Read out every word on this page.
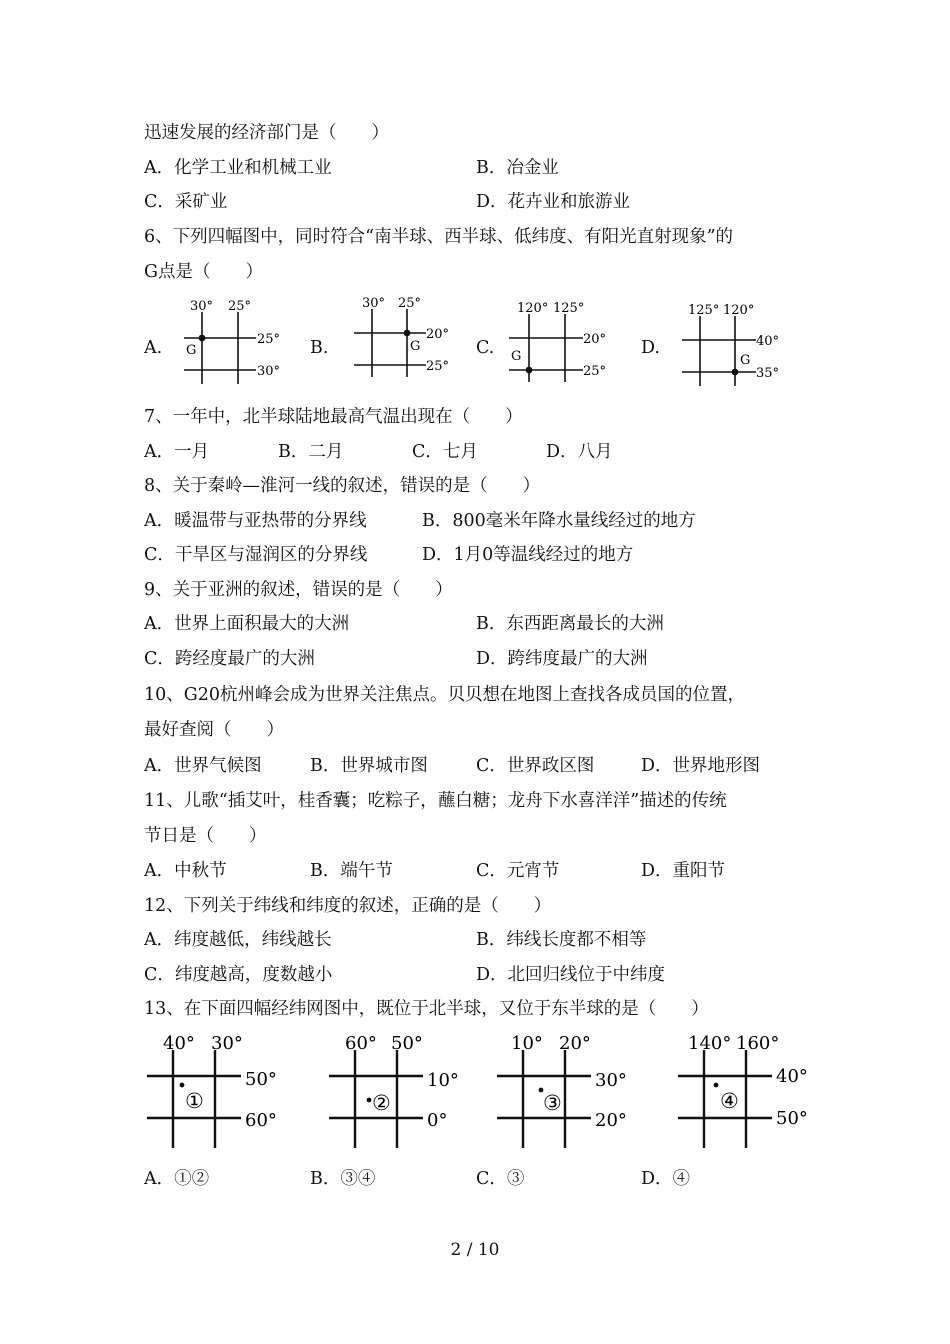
迅速发展的经济部门是（　　）
A．化学工业和机械工业	B．冶金业
C．采矿业	D．花卉业和旅游业
6、下列四幅图中，同时符合“南半球、西半球、低纬度、有阳光直射现象”的
G点是（　　）
A.
30° 25°
25°
30°
G	B.
30° 25°
20°
25°
G	C.
120° 125°
20°
25°
G	D.
125° 120°
40°
35°
G
7、一年中，北半球陆地最高气温出现在（　　）
A．一月	B．二月	C．七月	D．八月
8、关于秦岭—淮河一线的叙述，错误的是（　　）
A．暖温带与亚热带的分界线	B．800毫米年降水量线经过的地方
C．干旱区与湿润区的分界线	D．1月0等温线经过的地方
9、关于亚洲的叙述，错误的是（　　）
A．世界上面积最大的大洲	B．东西距离最长的大洲
C．跨经度最广的大洲	D．跨纬度最广的大洲
10、G20杭州峰会成为世界关注焦点。贝贝想在地图上查找各成员国的位置，
最好查阅（　　）
A．世界气候图	B．世界城市图	C．世界政区图	D．世界地形图
11、儿歌“插艾叶，桂香囊；吃粽子，蘸白糖；龙舟下水喜洋洋”描述的传统
节日是（　　）
A．中秋节	B．端午节	C．元宵节	D．重阳节
12、下列关于纬线和纬度的叙述，正确的是（　　）
A．纬度越低，纬线越长	B．纬线长度都不相等
C．纬度越高，度数越小	D．北回归线位于中纬度
13、在下面四幅经纬网图中，既位于北半球，又位于东半球的是（　　）
40° 30°
50°
60°
①
60° 50°
10°
0°
②
10° 20°
30°
20°
③
140° 160°
40°
50°
④
A．①②	B．③④	C．③	D．④
2 / 10
